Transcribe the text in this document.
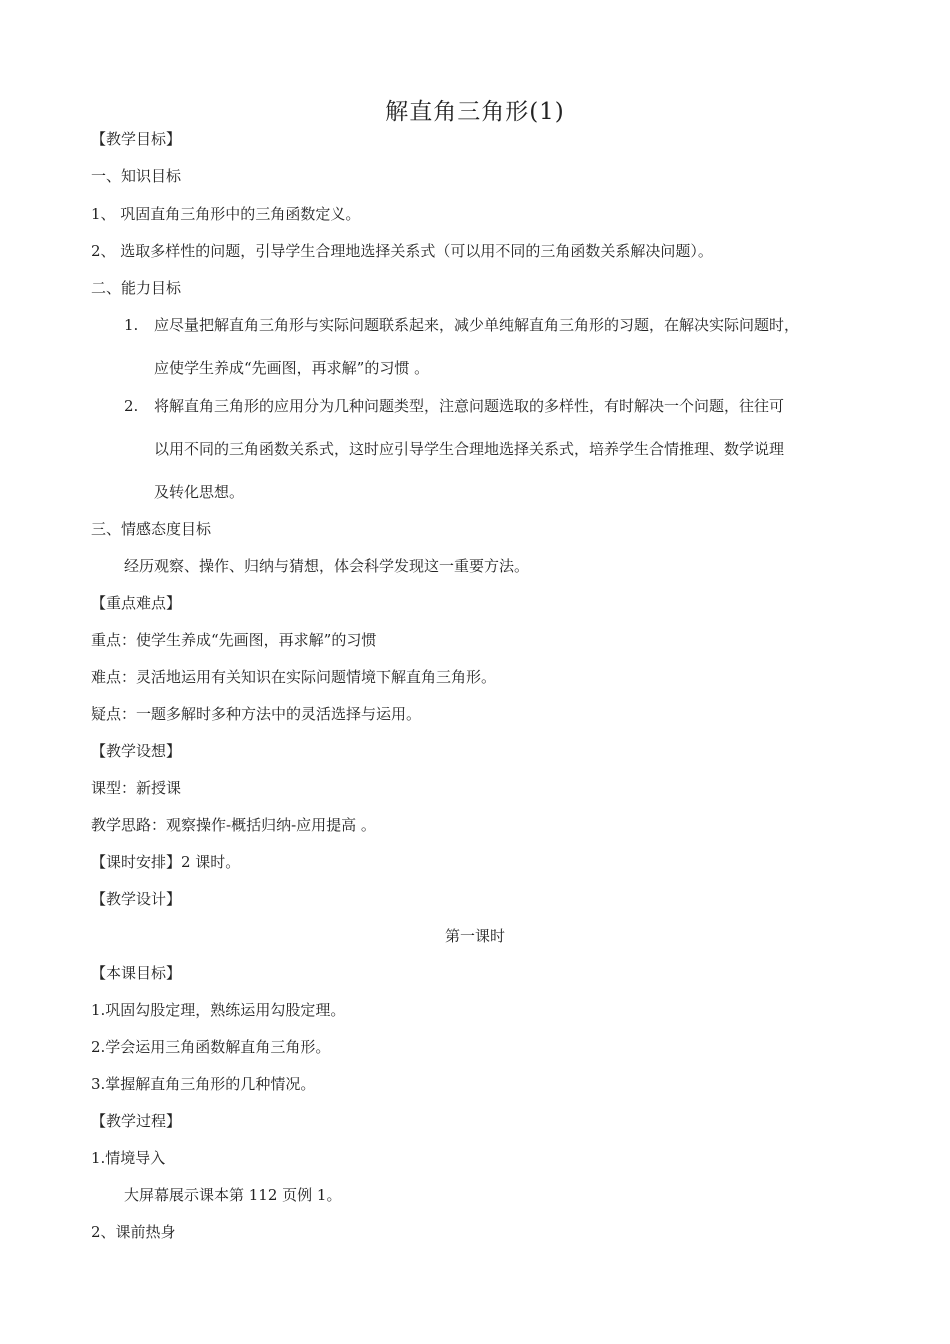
解直角三角形(1)
【教学目标】
一、知识目标
1、 巩固直角三角形中的三角函数定义。
2、 选取多样性的问题，引导学生合理地选择关系式（可以用不同的三角函数关系解决问题）。
二、能力目标
1. 应尽量把解直角三角形与实际问题联系起来，减少单纯解直角三角形的习题，在解决实际问题时，
应使学生养成“先画图，再求解”的习惯 。
2. 将解直角三角形的应用分为几种问题类型，注意问题选取的多样性，有时解决一个问题，往往可
以用不同的三角函数关系式，这时应引导学生合理地选择关系式，培养学生合情推理、数学说理
及转化思想。
三、情感态度目标
经历观察、操作、归纳与猜想，体会科学发现这一重要方法。
【重点难点】
重点：使学生养成“先画图，再求解”的习惯
难点：灵活地运用有关知识在实际问题情境下解直角三角形。
疑点：一题多解时多种方法中的灵活选择与运用。
【教学设想】
课型：新授课
教学思路：观察操作-概括归纳-应用提高 。
【课时安排】2 课时。
【教学设计】
第一课时
【本课目标】
1.巩固勾股定理，熟练运用勾股定理。
2.学会运用三角函数解直角三角形。
3.掌握解直角三角形的几种情况。
【教学过程】
1.情境导入
大屏幕展示课本第 112 页例 1。
2、课前热身
